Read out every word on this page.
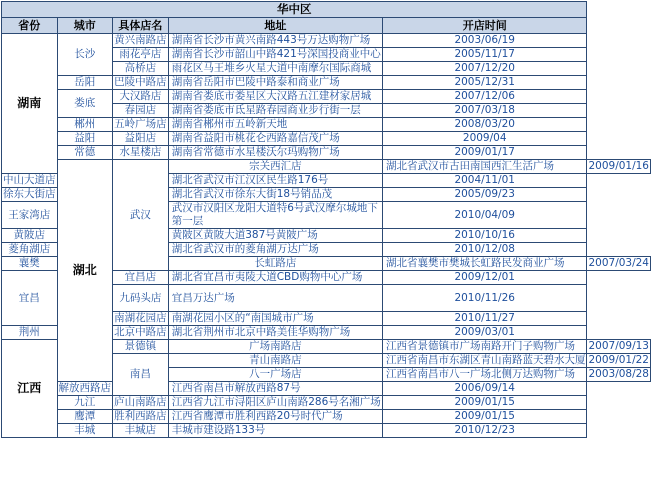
华中区					
省份	城市	具体店名	地址	开店时间	
湖南	长沙	黄兴南路店	湖南省长沙市黄兴南路443号万达购物广场	2003/06/19	
		雨花亭店	湖南省长沙市韶山中路421号深国投商业中心	2005/11/17	
		高桥店	雨花区马王堆乡火星大道中南摩尔国际商城	2007/12/20	
	岳阳	巴陵中路店	湖南省岳阳市巴陵中路泰和商业广场	2005/12/31	
	娄底	大汉路店	湖南省娄底市娄星区大汉路五江建材家居城	2007/12/06	
		春园店	湖南省娄底市氐星路春园商业步行街一层	2007/03/18	
	郴州	五岭广场店	湖南省郴州市五岭新天地	2008/03/20	
	益阳	益阳店	湖南省益阳市桃花仑西路嘉信茂广场	2009/04	
	常德	水星楼店	湖南省常德市水星楼沃尔玛购物广场	2009/01/17	
	湖北	武汉	宗关西汇店	湖北省武汉市古田南国西汇生活广场	2009/01/16
中山大道店			湖北省武汉市江汉区民生路176号	2004/11/01	
徐东大街店			湖北省武汉市徐东大街18号销品茂	2005/09/23	
王家湾店			武汉市汉阳区龙阳大道特6号武汉摩尔城地下第一层	2010/04/09	
黄陂店			黄陂区黄陂大道387号黄陂广场	2010/10/16	
菱角湖店			湖北省武汉市的菱角湖万达广场	2010/12/08	
襄樊			长虹路店	湖北省襄樊市樊城长虹路民发商业广场	2007/03/24
宜昌		宜昌店	湖北省宜昌市夷陵大道CBD购物中心广场	2009/12/01	
		九码头店	宜昌万达广场	2010/11/26	
		南湖花园店	南湖花园小区的“南国城市广场	2010/11/27	
荆州		北京中路店	湖北省荆州市北京中路美佳华购物广场	2009/03/01	
江西		景德镇	广场南路店	江西省景德镇市广场南路开门子购物广场	2007/09/13
		南昌	青山南路店	江西省南昌市东湖区青山南路蓝天碧水大厦	2009/01/22
			八一广场店	江西省南昌市八一广场北侧万达购物广场	2003/08/28
	解放西路店		江西省南昌市解放西路87号	2006/09/14	
	九江	庐山南路店	江西省九江市浔阳区庐山南路286号名湘广场	2009/01/15	
	鹰潭	胜利西路店	江西省鹰潭市胜利西路20号时代广场	2009/01/15	
	丰城	丰城店	丰城市建设路133号	2010/12/23	
